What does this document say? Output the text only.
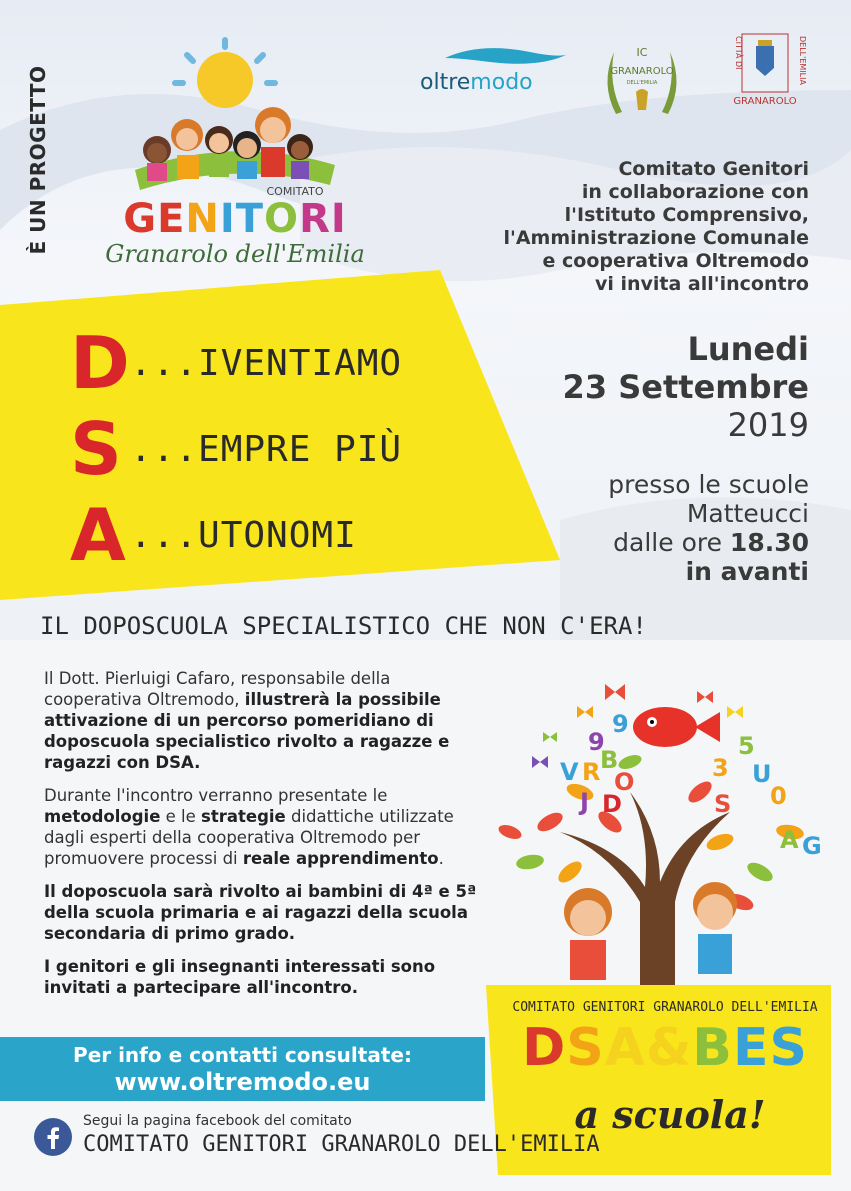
È UN PROGETTO	COMITATO
GENITORI
Granarolo dell'Emilia
oltremodo
IC
GRANAROLO
DELL'EMILIA
CITTÀ DI	DELL'EMILIA
GRANAROLO
Comitato Genitori
in collaborazione con
l'Istituto Comprensivo,
l'Amministrazione Comunale
e cooperativa Oltremodo
vi invita all'incontro
D ...IVENTIAMO
S ...EMPRE PIÙ
A ...UTONOMI
Lunedi
23 Settembre
2019
presso le scuole
Matteucci
dalle ore 18.30
in avanti
IL DOPOSCUOLA SPECIALISTICO CHE NON C'ERA!

Il Dott. Pierluigi Cafaro, responsabile della cooperativa Oltremodo, illustrerà la possibile attivazione di un percorso pomeridiano di doposcuola specialistico rivolto a ragazze e ragazzi con DSA.

Durante l'incontro verranno presentate le metodologie e le strategie didattiche utilizzate dagli esperti della cooperativa Oltremodo per promuovere processi di reale apprendimento.

Il doposcuola sarà rivolto ai bambini di 4ª e 5ª della scuola primaria e ai ragazzi della scuola secondaria di primo grado.

I genitori e gli insegnanti interessati sono invitati a partecipare all'incontro.

9
9
5
3 U
V R B
O
D
J	S 0
A G
COMITATO GENITORI GRANAROLO DELL'EMILIA
DSA&BES
a scuola!
Per info e contatti consultate:
www.oltremodo.eu
Segui la pagina facebook del comitato
COMITATO GENITORI GRANAROLO DELL'EMILIA
